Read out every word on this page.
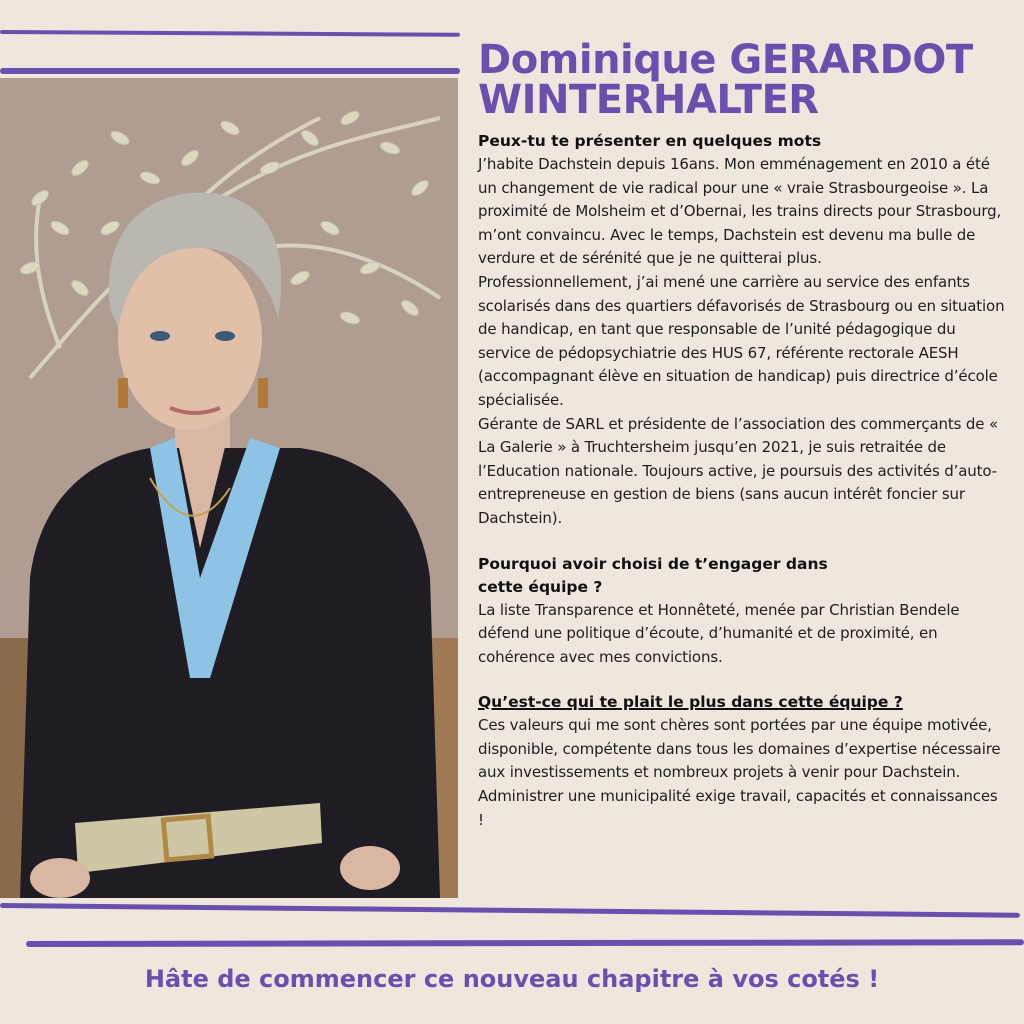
Dominique GERARDOT
WINTERHALTER

Peux-tu te présenter en quelques mots

J’habite Dachstein depuis 16ans. Mon emménagement en 2010 a été un changement de vie radical pour une « vraie Strasbourgeoise ». La proximité de Molsheim et d’Obernai, les trains directs pour Strasbourg, m’ont convaincu. Avec le temps, Dachstein est devenu ma bulle de verdure et de sérénité que je ne quitterai plus.

Professionnellement, j’ai mené une carrière au service des enfants scolarisés dans des quartiers défavorisés de Strasbourg ou en situation de handicap, en tant que responsable de l’unité pédagogique du service de pédopsychiatrie des HUS 67, référente rectorale AESH (accompagnant élève en situation de handicap) puis directrice d’école spécialisée.

Gérante de SARL et présidente de l’association des commerçants de « La Galerie » à Truchtersheim jusqu’en 2021, je suis retraitée de l’Education nationale. Toujours active, je poursuis des activités d’auto- entrepreneuse en gestion de biens (sans aucun intérêt foncier sur Dachstein).

Pourquoi avoir choisi de t’engager dans

cette équipe ?

La liste Transparence et Honnêteté, menée par Christian Bendele défend une politique d’écoute, d’humanité et de proximité, en cohérence avec mes convictions.

Qu’est-ce qui te plait le plus dans cette équipe ?

Ces valeurs qui me sont chères sont portées par une équipe motivée, disponible, compétente dans tous les domaines d’expertise nécessaire aux investissements et nombreux projets à venir pour Dachstein. Administrer une municipalité exige travail, capacités et connaissances !

Hâte de commencer ce nouveau chapitre à vos cotés !
